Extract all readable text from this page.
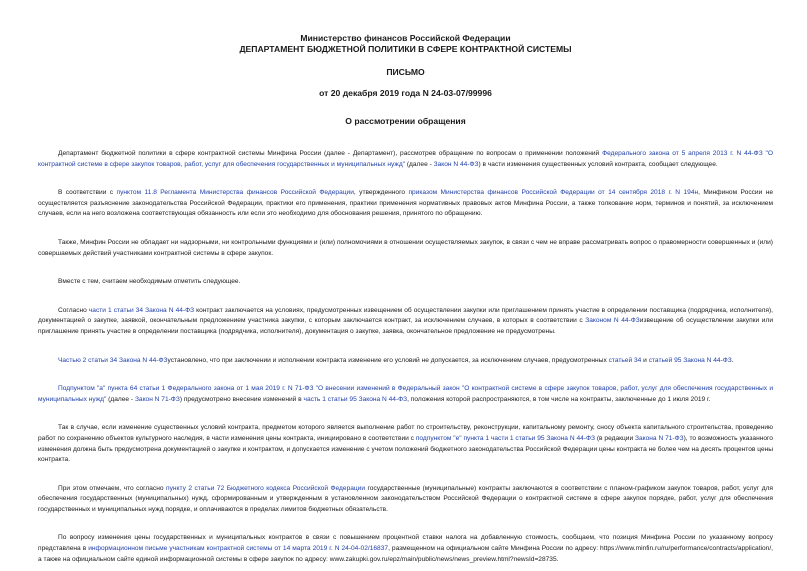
Министерство финансов Российской Федерации
ДЕПАРТАМЕНТ БЮДЖЕТНОЙ ПОЛИТИКИ В СФЕРЕ КОНТРАКТНОЙ СИСТЕМЫ
ПИСЬМО
от 20 декабря 2019 года N 24-03-07/99996
О рассмотрении обращения

Департамент бюджетной политики в сфере контрактной системы Минфина России (далее - Департамент), рассмотрев обращение по вопросам о применении положений Федерального закона от 5 апреля 2013 г. N 44-ФЗ "О контрактной системе в сфере закупок товаров, работ, услуг для обеспечения государственных и муниципальных нужд" (далее - Закон N 44-ФЗ) в части изменения существенных условий контракта, сообщает следующее.

В соответствии с пунктом 11.8 Регламента Министерства финансов Российской Федерации, утвержденного приказом Министерства финансов Российской Федерации от 14 сентября 2018 г. N 194н, Минфином России не осуществляется разъяснение законодательства Российской Федерации, практики его применения, практики применения нормативных правовых актов Минфина России, а также толкование норм, терминов и понятий, за исключением случаев, если на него возложена соответствующая обязанность или если это необходимо для обоснования решения, принятого по обращению.

Также, Минфин России не обладает ни надзорными, ни контрольными функциями и (или) полномочиями в отношении осуществляемых закупок, в связи с чем не вправе рассматривать вопрос о правомерности совершенных и (или) совершаемых действий участниками контрактной системы в сфере закупок.

Вместе с тем, считаем необходимым отметить следующее.

Согласно части 1 статьи 34 Закона N 44-ФЗ контракт заключается на условиях, предусмотренных извещением об осуществлении закупки или приглашением принять участие в определении поставщика (подрядчика, исполнителя), документацией о закупке, заявкой, окончательным предложением участника закупки, с которым заключается контракт, за исключением случаев, в которых в соответствии с Законом N 44-ФЗизвещение об осуществлении закупки или приглашение принять участие в определении поставщика (подрядчика, исполнителя), документация о закупке, заявка, окончательное предложение не предусмотрены.

Частью 2 статьи 34 Закона N 44-ФЗустановлено, что при заключении и исполнении контракта изменение его условий не допускается, за исключением случаев, предусмотренных статьей 34 и статьей 95 Закона N 44-ФЗ.

Подпунктом "а" пункта 64 статьи 1 Федерального закона от 1 мая 2019 г. N 71-ФЗ "О внесении изменений в Федеральный закон "О контрактной системе в сфере закупок товаров, работ, услуг для обеспечения государственных и муниципальных нужд" (далее - Закон N 71-ФЗ) предусмотрено внесение изменений в часть 1 статьи 95 Закона N 44-ФЗ, положения которой распространяются, в том числе на контракты, заключенные до 1 июля 2019 г.

Так в случае, если изменение существенных условий контракта, предметом которого является выполнение работ по строительству, реконструкции, капитальному ремонту, сносу объекта капитального строительства, проведению работ по сохранению объектов культурного наследия, в части изменения цены контракта, инициировано в соответствии с подпунктом "е" пункта 1 части 1 статьи 95 Закона N 44-ФЗ (в редакции Закона N 71-ФЗ), то возможность указанного изменения должна быть предусмотрена документацией о закупке и контрактом, и допускается изменение с учетом положений бюджетного законодательства Российской Федерации цены контракта не более чем на десять процентов цены контракта.

При этом отмечаем, что согласно пункту 2 статьи 72 Бюджетного кодекса Российской Федерации государственные (муниципальные) контракты заключаются в соответствии с планом-графиком закупок товаров, работ, услуг для обеспечения государственных (муниципальных) нужд, сформированным и утвержденным в установленном законодательством Российской Федерации о контрактной системе в сфере закупок порядке, работ, услуг для обеспечения государственных и муниципальных нужд порядке, и оплачиваются в пределах лимитов бюджетных обязательств.

По вопросу изменения цены государственных и муниципальных контрактов в связи с повышением процентной ставки налога на добавленную стоимость, сообщаем, что позиция Минфина России по указанному вопросу представлена в информационном письме участникам контрактной системы от 14 марта 2019 г. N 24-04-02/16837, размещенном на официальном сайте Минфина России по адресу: https://www.minfin.ru/ru/performance/contracts/application/, а также на официальном сайте единой информационной системы в сфере закупок по адресу: www.zakupki.gov.ru/epz/main/public/news/news_preview.html?newsId=28735.
